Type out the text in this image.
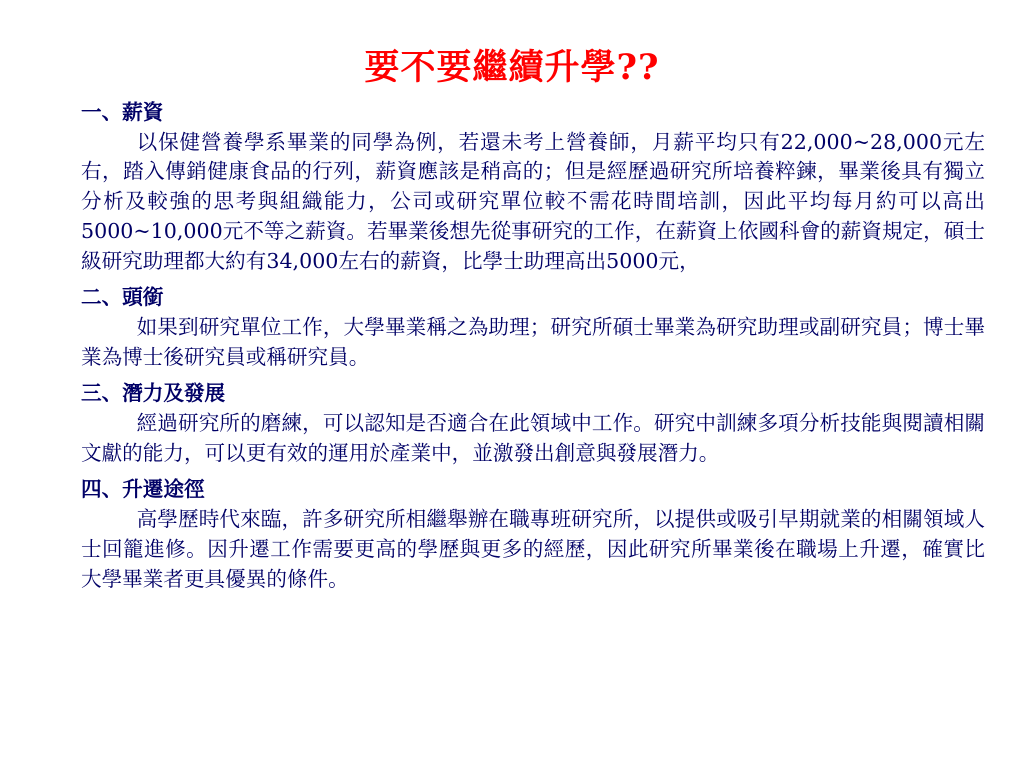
要不要繼續升學??

一、薪資

以保健營養學系畢業的同學為例，若還未考上營養師，月薪平均只有22,000~28,000元左右，踏入傳銷健康食品的行列，薪資應該是稍高的；但是經歷過研究所培養粹鍊，畢業後具有獨立分析及較強的思考與組織能力，公司或研究單位較不需花時間培訓，因此平均每月約可以高出5000~10,000元不等之薪資。若畢業後想先從事研究的工作，在薪資上依國科會的薪資規定，碩士級研究助理都大約有34,000左右的薪資，比學士助理高出5000元，

二、頭銜

如果到研究單位工作，大學畢業稱之為助理；研究所碩士畢業為研究助理或副研究員；博士畢業為博士後研究員或稱研究員。

三、潛力及發展

經過研究所的磨練，可以認知是否適合在此領域中工作。研究中訓練多項分析技能與閱讀相關文獻的能力，可以更有效的運用於產業中，並激發出創意與發展潛力。

四、升遷途徑

高學歷時代來臨，許多研究所相繼舉辦在職專班研究所，以提供或吸引早期就業的相關領域人士回籠進修。因升遷工作需要更高的學歷與更多的經歷，因此研究所畢業後在職場上升遷，確實比大學畢業者更具優異的條件。
